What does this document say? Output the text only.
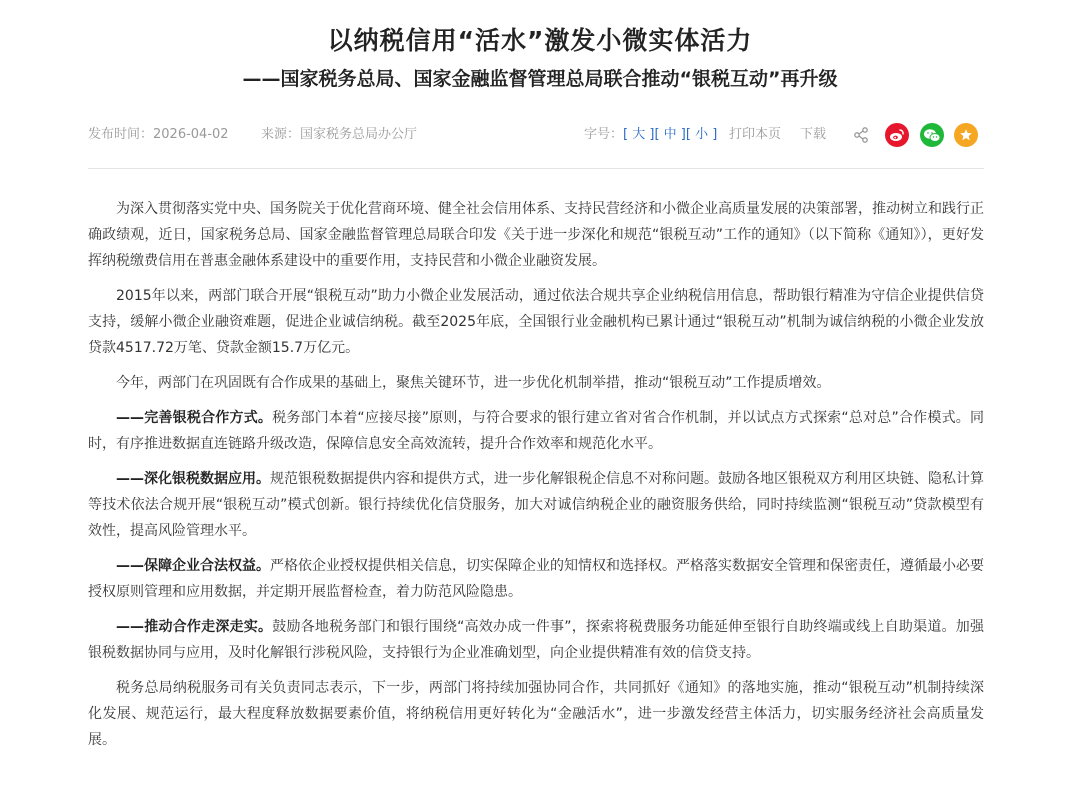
以纳税信用“活水”激发小微实体活力
——国家税务总局、国家金融监督管理总局联合推动“银税互动”再升级
发布时间：2026-04-02 来源：国家税务总局办公厅	字号：[ 大 ][ 中 ][ 小 ] 打印本页 下载

为深入贯彻落实党中央、国务院关于优化营商环境、健全社会信用体系、支持民营经济和小微企业高质量发展的决策部署，推动树立和践行正确政绩观，近日，国家税务总局、国家金融监督管理总局联合印发《关于进一步深化和规范“银税互动”工作的通知》（以下简称《通知》），更好发挥纳税缴费信用在普惠金融体系建设中的重要作用，支持民营和小微企业融资发展。

2015年以来，两部门联合开展“银税互动”助力小微企业发展活动，通过依法合规共享企业纳税信用信息，帮助银行精准为守信企业提供信贷支持，缓解小微企业融资难题，促进企业诚信纳税。截至2025年底，全国银行业金融机构已累计通过“银税互动”机制为诚信纳税的小微企业发放贷款4517.72万笔、贷款金额15.7万亿元。

今年，两部门在巩固既有合作成果的基础上，聚焦关键环节，进一步优化机制举措，推动“银税互动”工作提质增效。

——完善银税合作方式。税务部门本着“应接尽接”原则，与符合要求的银行建立省对省合作机制，并以试点方式探索“总对总”合作模式。同时，有序推进数据直连链路升级改造，保障信息安全高效流转，提升合作效率和规范化水平。

——深化银税数据应用。规范银税数据提供内容和提供方式，进一步化解银税企信息不对称问题。鼓励各地区银税双方利用区块链、隐私计算等技术依法合规开展“银税互动”模式创新。银行持续优化信贷服务，加大对诚信纳税企业的融资服务供给，同时持续监测“银税互动”贷款模型有效性，提高风险管理水平。

——保障企业合法权益。严格依企业授权提供相关信息，切实保障企业的知情权和选择权。严格落实数据安全管理和保密责任，遵循最小必要授权原则管理和应用数据，并定期开展监督检查，着力防范风险隐患。

——推动合作走深走实。鼓励各地税务部门和银行围绕“高效办成一件事”，探索将税费服务功能延伸至银行自助终端或线上自助渠道。加强银税数据协同与应用，及时化解银行涉税风险，支持银行为企业准确划型，向企业提供精准有效的信贷支持。

税务总局纳税服务司有关负责同志表示，下一步，两部门将持续加强协同合作，共同抓好《通知》的落地实施，推动“银税互动”机制持续深化发展、规范运行，最大程度释放数据要素价值，将纳税信用更好转化为“金融活水”，进一步激发经营主体活力，切实服务经济社会高质量发展。
